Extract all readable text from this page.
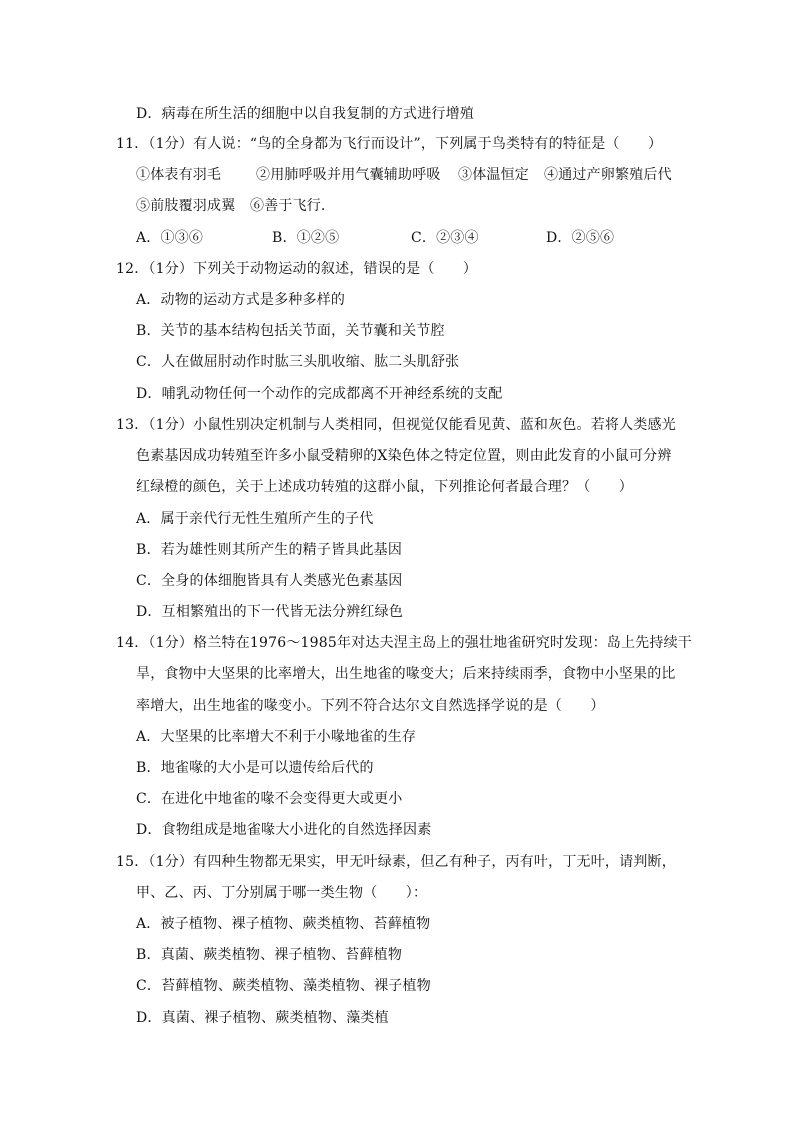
D．病毒在所生活的细胞中以自我复制的方式进行增殖
11．（1分）有人说：“鸟的全身都为飞行而设计”，下列属于鸟类特有的特征是（　　）
①体表有羽毛 ②用肺呼吸并用气囊辅助呼吸 ③体温恒定 ④通过产卵繁殖后代
⑤前肢覆羽成翼 ⑥善于飞行．
A．①③⑥	B．①②⑤	C．②③④	D．②⑤⑥
12．（1分）下列关于动物运动的叙述，错误的是（　　）
A．动物的运动方式是多种多样的
B．关节的基本结构包括关节面，关节囊和关节腔
C．人在做屈肘动作时肱三头肌收缩、肱二头肌舒张
D．哺乳动物任何一个动作的完成都离不开神经系统的支配
13．（1分）小鼠性别决定机制与人类相同，但视觉仅能看见黄、蓝和灰色。若将人类感光
色素基因成功转殖至许多小鼠受精卵的X染色体之特定位置，则由此发育的小鼠可分辨
红绿橙的颜色，关于上述成功转殖的这群小鼠，下列推论何者最合理？（　　）
A．属于亲代行无性生殖所产生的子代
B．若为雄性则其所产生的精子皆具此基因
C．全身的体细胞皆具有人类感光色素基因
D．互相繁殖出的下一代皆无法分辨红绿色
14．（1分）格兰特在1976～1985年对达夫涅主岛上的强壮地雀研究时发现：岛上先持续干
旱，食物中大坚果的比率增大，出生地雀的喙变大；后来持续雨季，食物中小坚果的比
率增大，出生地雀的喙变小。下列不符合达尔文自然选择学说的是（　　）
A．大坚果的比率增大不利于小喙地雀的生存
B．地雀喙的大小是可以遗传给后代的
C．在进化中地雀的喙不会变得更大或更小
D．食物组成是地雀喙大小进化的自然选择因素
15．（1分）有四种生物都无果实，甲无叶绿素，但乙有种子，丙有叶，丁无叶，请判断，
甲、乙、丙、丁分别属于哪一类生物（　　）：
A．被子植物、裸子植物、蕨类植物、苔藓植物
B．真菌、蕨类植物、裸子植物、苔藓植物
C．苔藓植物、蕨类植物、藻类植物、裸子植物
D．真菌、裸子植物、蕨类植物、藻类植
